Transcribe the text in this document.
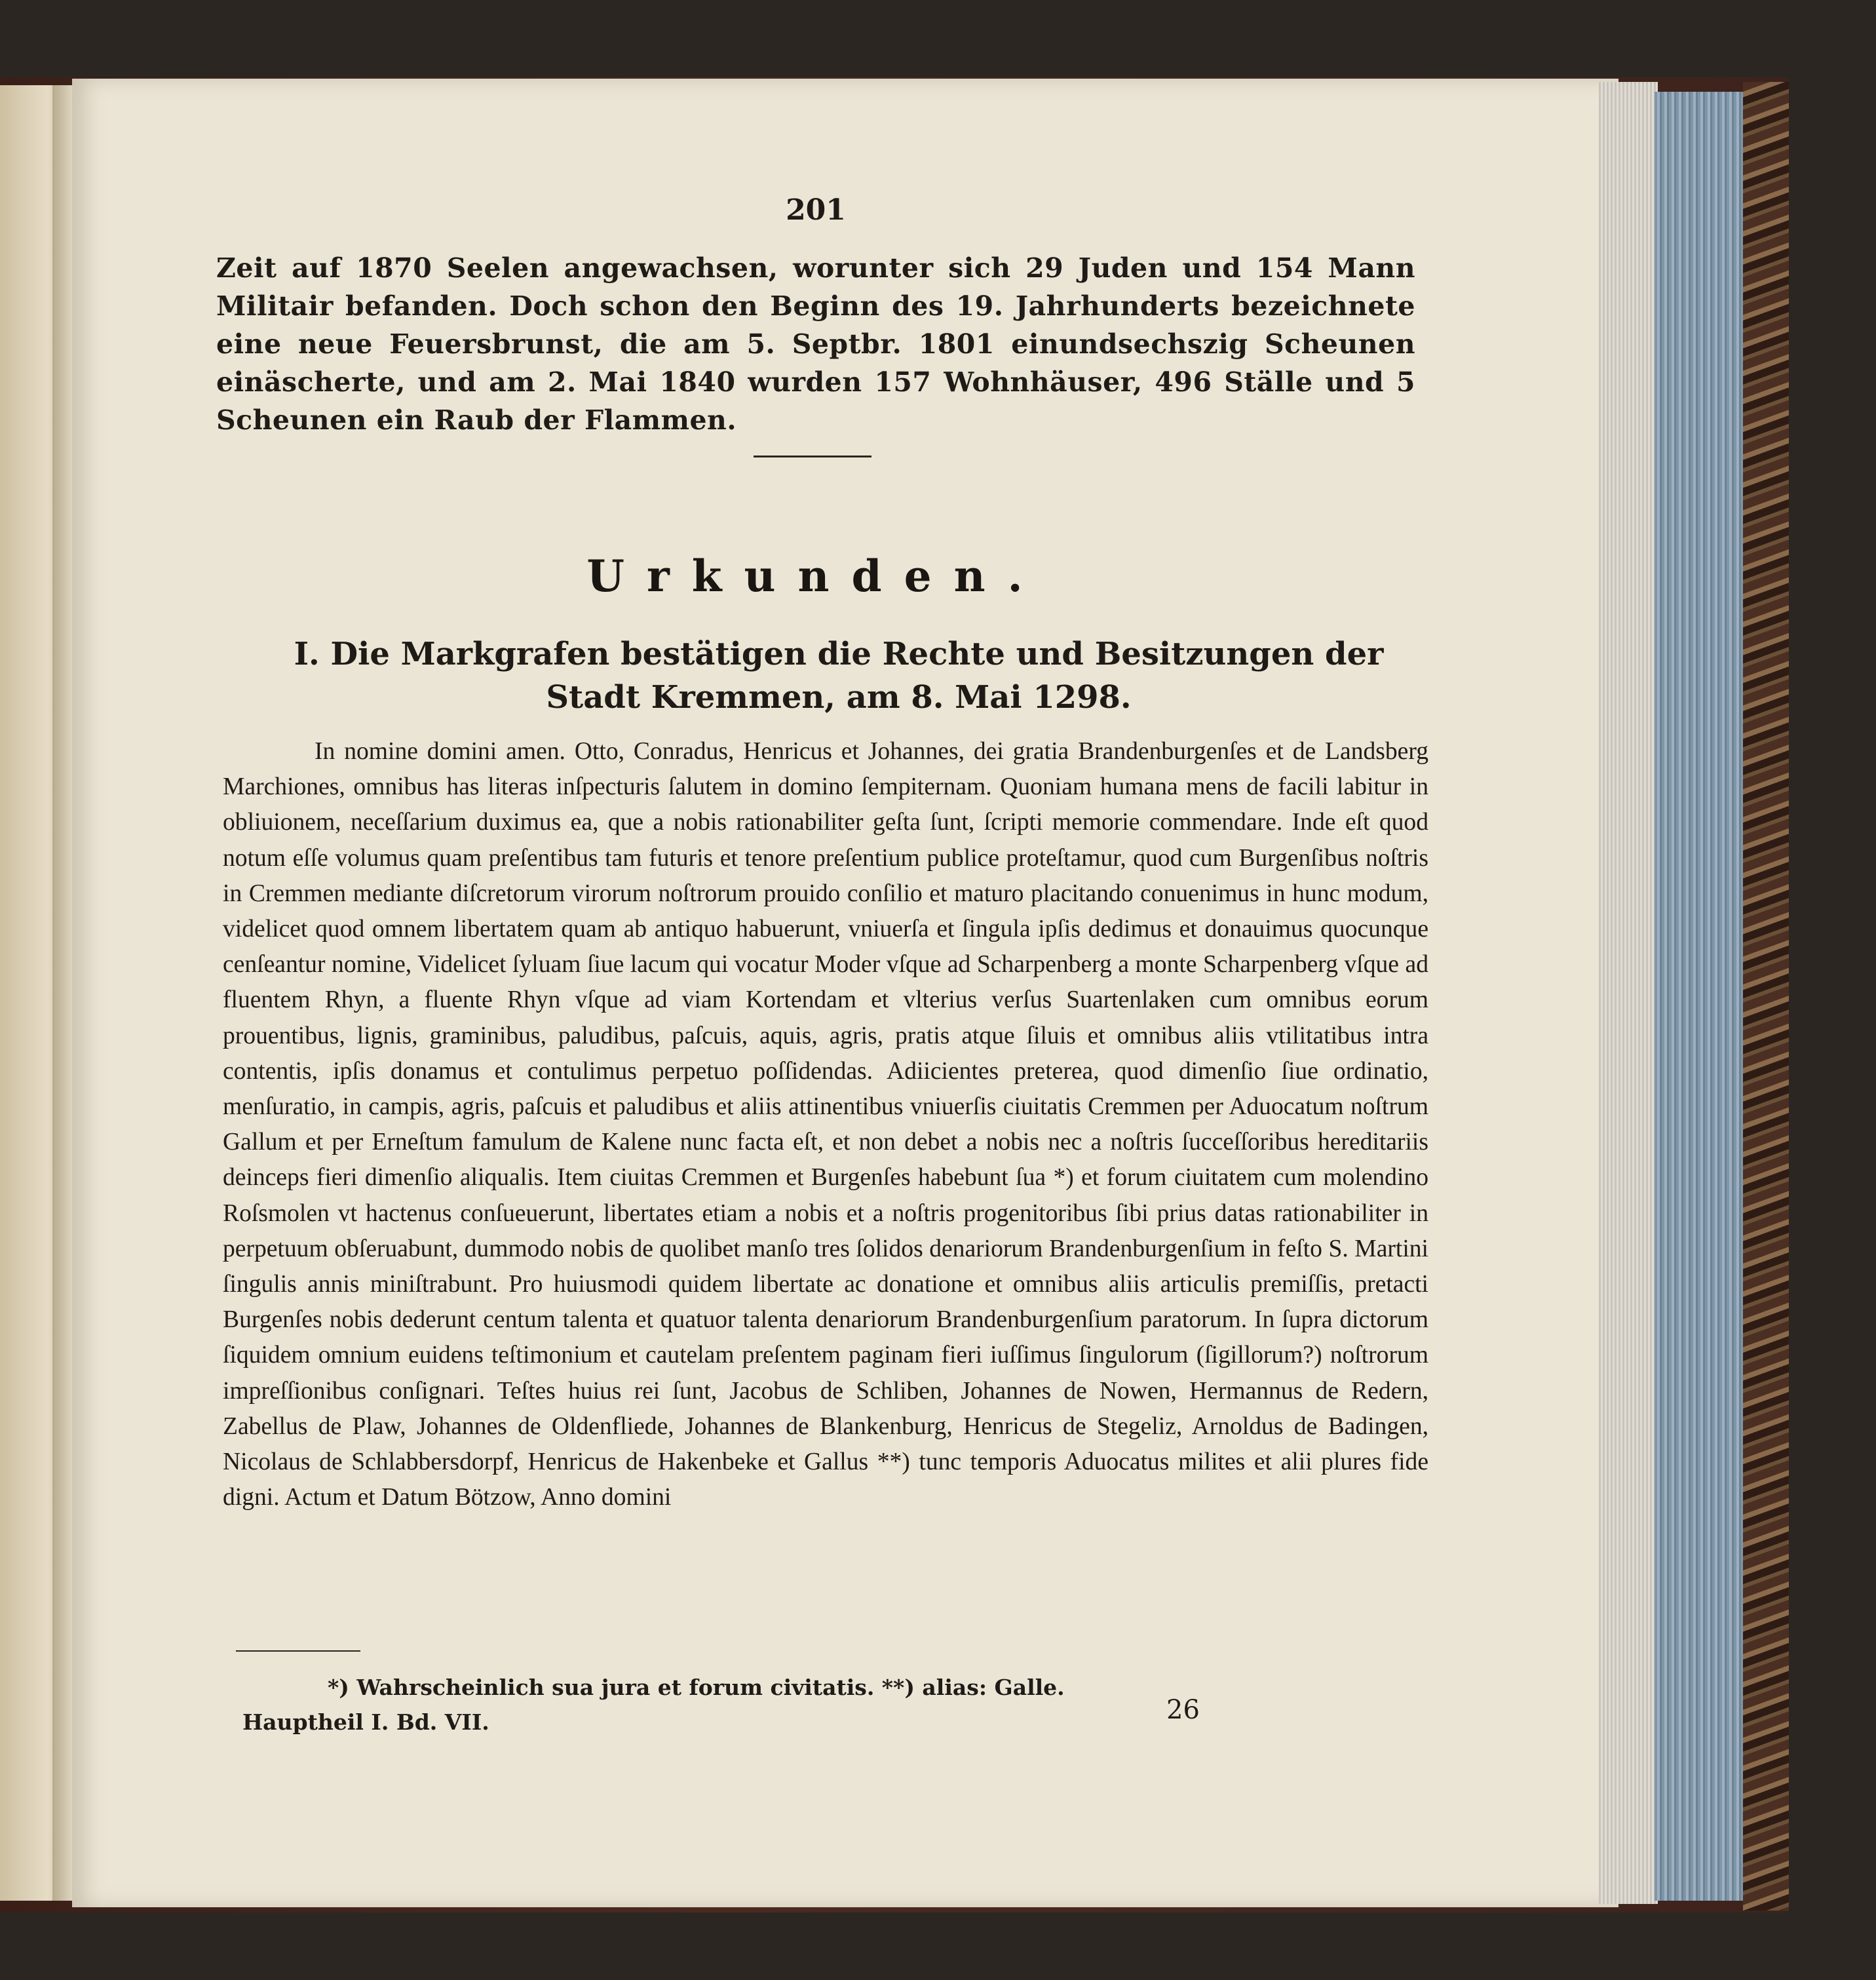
201

Zeit auf 1870 Seelen angewachsen, worunter sich 29 Juden und 154 Mann Militair befanden. Doch schon den Beginn des 19. Jahrhunderts bezeichnete eine neue Feuersbrunst, die am 5. Septbr. 1801 einundsechszig Scheunen einäscherte, und am 2. Mai 1840 wurden 157 Wohnhäuser, 496 Ställe und 5 Scheunen ein Raub der Flammen.

Urkunden.
I. Die Markgrafen bestätigen die Rechte und Besitzungen der Stadt Kremmen, am 8. Mai 1298.

In nomine domini amen. Otto, Conradus, Henricus et Johannes, dei gratia Brandenburgenſes et de Landsberg Marchiones, omnibus has literas inſpecturis ſalutem in domino ſempiternam. Quoniam humana mens de facili labitur in obliuionem, neceſſarium duximus ea, que a nobis rationabiliter geſta ſunt, ſcripti memorie commendare. Inde eſt quod notum eſſe volumus quam preſentibus tam futuris et tenore preſentium publice proteſtamur, quod cum Burgenſibus noſtris in Cremmen mediante diſcretorum virorum noſtrorum prouido conſilio et maturo placitando conuenimus in hunc modum, videlicet quod omnem libertatem quam ab antiquo habuerunt, vniuerſa et ſingula ipſis dedimus et donauimus quocunque cenſeantur nomine, Videlicet ſyluam ſiue lacum qui vocatur Moder vſque ad Scharpenberg a monte Scharpenberg vſque ad fluentem Rhyn, a fluente Rhyn vſque ad viam Kortendam et vlterius verſus Suartenlaken cum omnibus eorum prouentibus, lignis, graminibus, paludibus, paſcuis, aquis, agris, pratis atque ſiluis et omnibus aliis vtilitatibus intra contentis, ipſis donamus et contulimus perpetuo poſſidendas. Adiicientes preterea, quod dimenſio ſiue ordinatio, menſuratio, in campis, agris, paſcuis et paludibus et aliis attinentibus vniuerſis ciuitatis Cremmen per Aduocatum noſtrum Gallum et per Erneſtum famulum de Kalene nunc facta eſt, et non debet a nobis nec a noſtris ſucceſſoribus hereditariis deinceps fieri dimenſio aliqualis. Item ciuitas Cremmen et Burgenſes habebunt ſua *) et forum ciuitatem cum molendino Roſsmolen vt hactenus conſueuerunt, libertates etiam a nobis et a noſtris progenitoribus ſibi prius datas rationabiliter in perpetuum obſeruabunt, dummodo nobis de quolibet manſo tres ſolidos denariorum Brandenburgenſium in feſto S. Martini ſingulis annis miniſtrabunt. Pro huiusmodi quidem libertate ac donatione et omnibus aliis articulis premiſſis, pretacti Burgenſes nobis dederunt centum talenta et quatuor talenta denariorum Brandenburgenſium paratorum. In ſupra dictorum ſiquidem omnium euidens teſtimonium et cautelam preſentem paginam fieri iuſſimus ſingulorum (ſigillorum?) noſtrorum impreſſionibus conſignari. Teſtes huius rei ſunt, Jacobus de Schliben, Johannes de Nowen, Hermannus de Redern, Zabellus de Plaw, Johannes de Oldenfliede, Johannes de Blankenburg, Henricus de Stegeliz, Arnoldus de Badingen, Nicolaus de Schlabbersdorpf, Henricus de Hakenbeke et Gallus **) tunc temporis Aduocatus milites et alii plures fide digni. Actum et Datum Bötzow, Anno domini

*) Wahrscheinlich sua jura et forum civitatis. **) alias: Galle.
Hauptheil I. Bd. VII.	26
